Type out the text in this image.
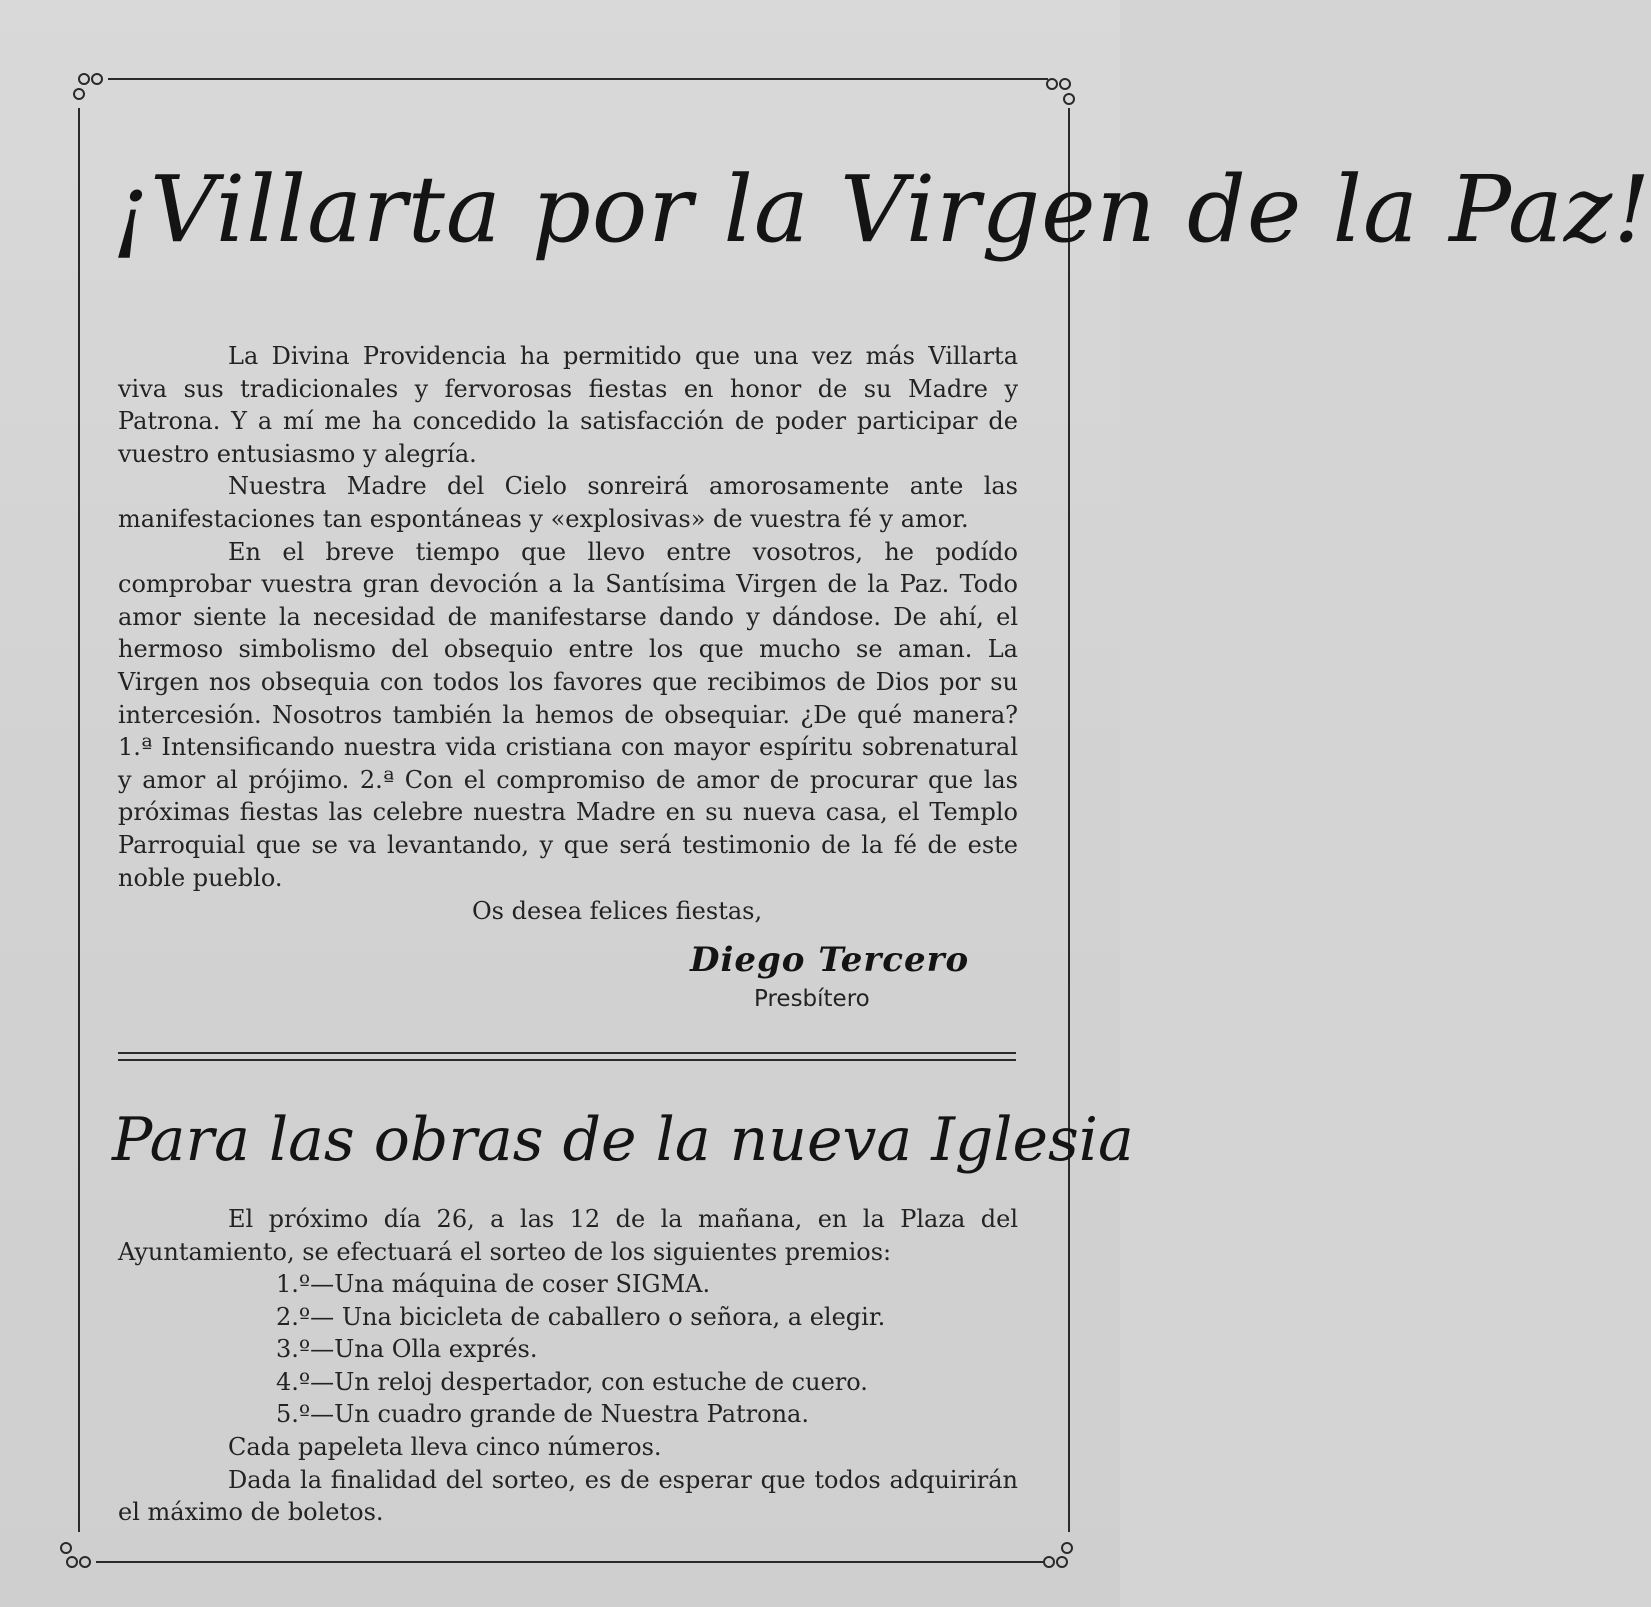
¡Villarta por la Virgen de la Paz!

La Divina Providencia ha permitido que una vez más Villarta viva sus tradicionales y fervorosas fiestas en honor de su Madre y Patrona. Y a mí me ha concedido la satisfacción de poder participar de vuestro entusiasmo y alegría.

Nuestra Madre del Cielo sonreirá amorosamente ante las manifestaciones tan espontáneas y «explosivas» de vuestra fé y amor.

En el breve tiempo que llevo entre vosotros, he podído comprobar vuestra gran devoción a la Santísima Virgen de la Paz. Todo amor siente la necesidad de manifestarse dando y dándose. De ahí, el hermoso simbolismo del obsequio entre los que mucho se aman. La Virgen nos obsequia con todos los favores que recibimos de Dios por su intercesión. Nosotros también la hemos de obsequiar. ¿De qué manera? 1.ª Intensificando nuestra vida cristiana con mayor espíritu sobrenatural y amor al prójimo. 2.ª Con el compromiso de amor de procurar que las próximas fiestas las celebre nuestra Madre en su nueva casa, el Templo Parroquial que se va levantando, y que será testimonio de la fé de este noble pueblo.

Os desea felices fiestas,
Diego Tercero
Presbítero
Para las obras de la nueva Iglesia

El próximo día 26, a las 12 de la mañana, en la Plaza del Ayuntamiento, se efectuará el sorteo de los siguientes premios:

1.º—Una máquina de coser SIGMA.
2.º— Una bicicleta de caballero o señora, a elegir.
3.º—Una Olla exprés.
4.º—Un reloj despertador, con estuche de cuero.
5.º—Un cuadro grande de Nuestra Patrona.

Cada papeleta lleva cinco números.

Dada la finalidad del sorteo, es de esperar que todos adquirirán el máximo de boletos.
